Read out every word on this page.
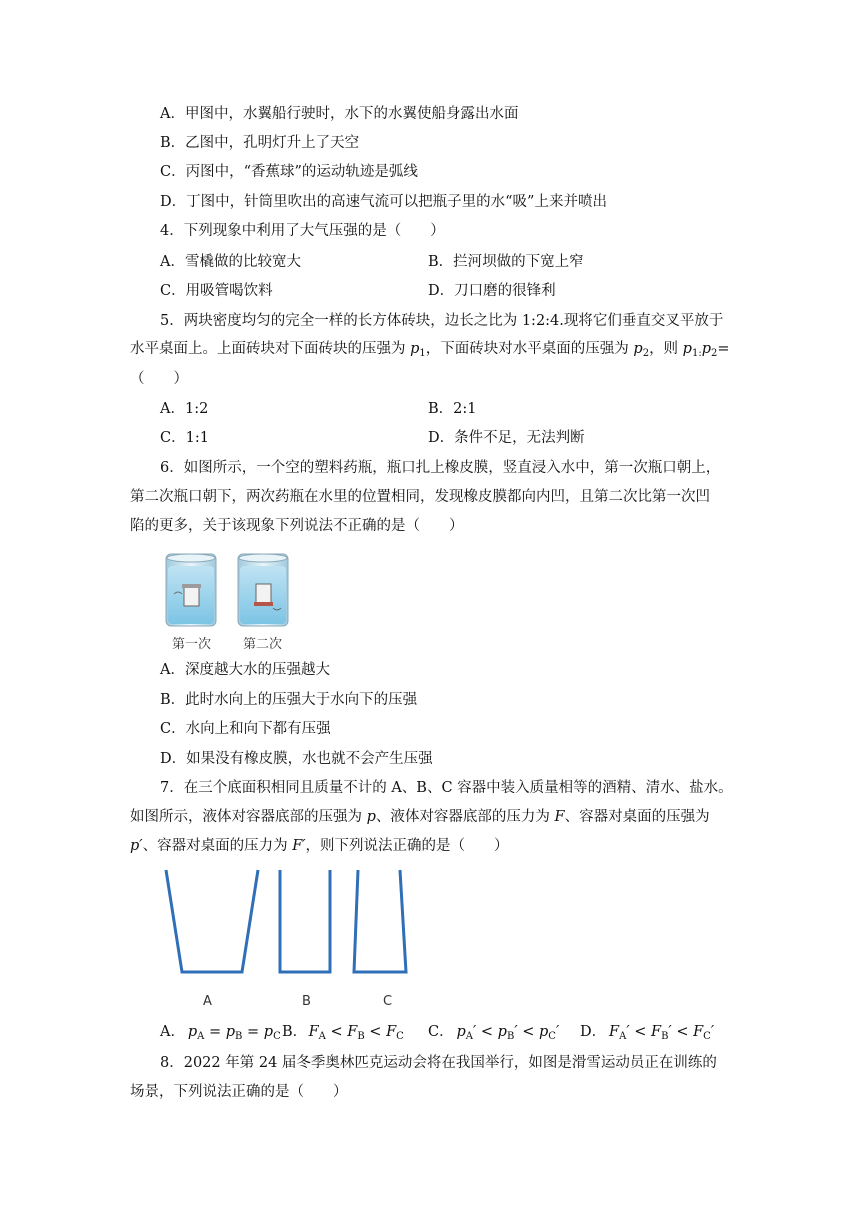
A．甲图中，水翼船行驶时，水下的水翼使船身露出水面
B．乙图中，孔明灯升上了天空
C．丙图中，“香蕉球”的运动轨迹是弧线
D．丁图中，针筒里吹出的高速气流可以把瓶子里的水“吸”上来并喷出
4．下列现象中利用了大气压强的是（　　）
A．雪橇做的比较宽大	B．拦河坝做的下宽上窄
C．用吸管喝饮料	D．刀口磨的很锋利
5．两块密度均匀的完全一样的长方体砖块，边长之比为 1:2:4.现将它们垂直交叉平放于
水平桌面上。上面砖块对下面砖块的压强为 $p_1$，下面砖块对水平桌面的压强为 $p_2$，则 $p_{1:}p_2=$
（　　）
A．1:2	B．2:1
C．1:1	D．条件不足，无法判断
6．如图所示，一个空的塑料药瓶，瓶口扎上橡皮膜，竖直浸入水中，第一次瓶口朝上，
第二次瓶口朝下，两次药瓶在水里的位置相同，发现橡皮膜都向内凹，且第二次比第一次凹
陷的更多，关于该现象下列说法不正确的是（　　）
第一次 第二次
A．深度越大水的压强越大
B．此时水向上的压强大于水向下的压强
C．水向上和向下都有压强
D．如果没有橡皮膜，水也就不会产生压强
7．在三个底面积相同且质量不计的 A、B、C 容器中装入质量相等的酒精、清水、盐水。
如图所示，液体对容器底部的压强为 p、液体对容器底部的压力为 F、容器对桌面的压强为
p′、容器对桌面的压力为 F′，则下列说法正确的是（　　）
A	B	C
A．  $p_A = p_B = p_C$ B． $F_A < F_B < F_C$ C．  $p_A' < p_B' < p_C'$ D．  $F_A' < F_B' < F_C'$
8．2022 年第 24 届冬季奥林匹克运动会将在我国举行，如图是滑雪运动员正在训练的
场景，下列说法正确的是（　　）
